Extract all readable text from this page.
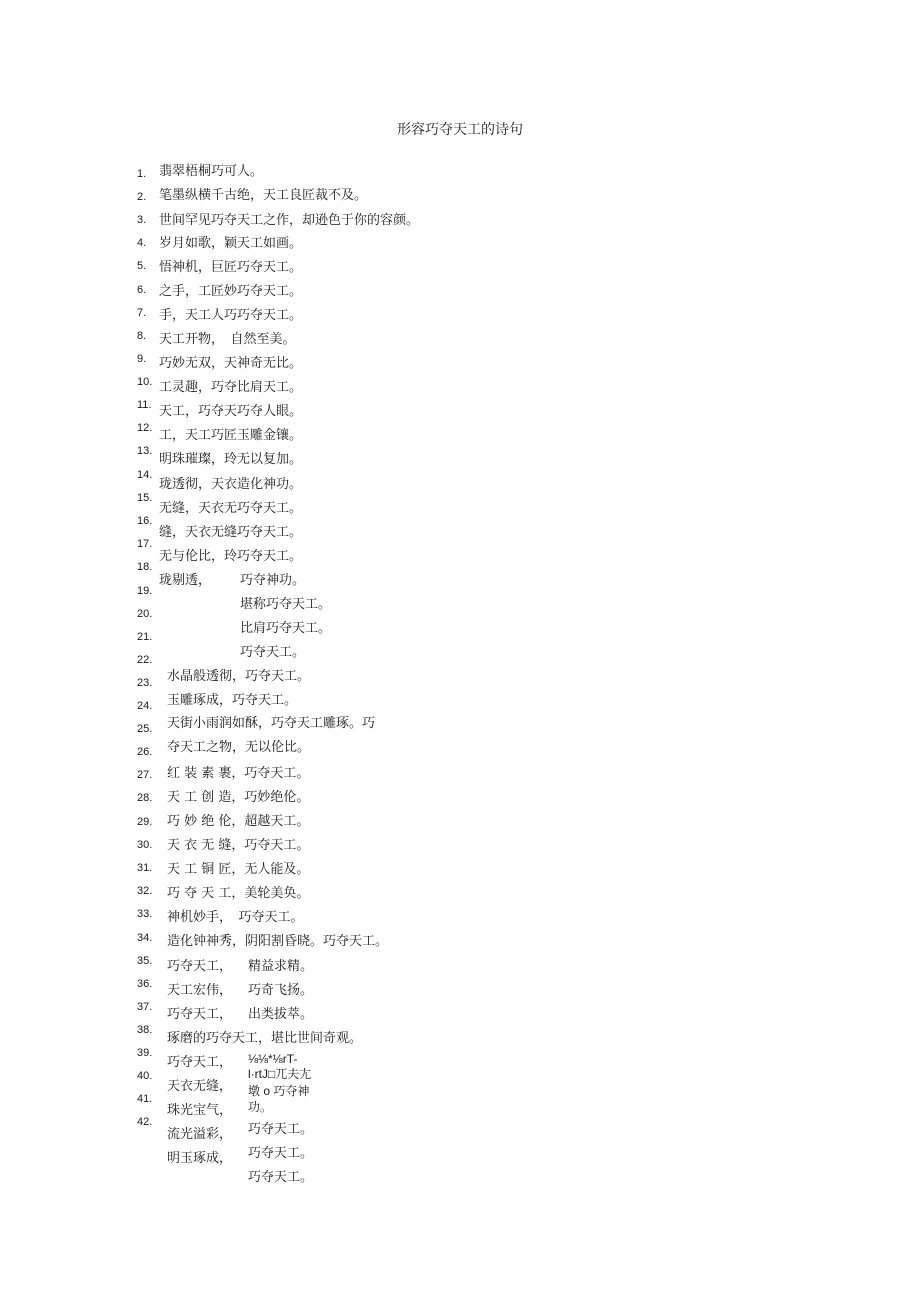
形容巧夺天工的诗句
1.
2.
3.
4.
5.
6.
7.
8.
9.
10.
11.
12.
13.
14.
15.
16.
17.
18.
19.
20.
21.
22.
23.
24.
25.
26.
27.
28.
29.
30.
31.
32.
33.
34.
35.
36.
37.
38.
39.
40.
41.
42.
翡翠梧桐巧可人。
笔墨纵横千古绝，天工良匠裁不及。
世间罕见巧夺天工之作，却逊色于你的容颜。
岁月如歌，颖天工如画。
悟神机，巨匠巧夺天工。
之手，工匠妙巧夺天工。
手，天工人巧巧夺天工。
天工开物，　自然至美。
巧妙无双，天神奇无比。
工灵趣，巧夺比肩天工。
天工，巧夺天巧夺人眼。
工，天工巧匠玉雕金镶。
明珠璀璨，玲无以复加。
珑透彻，天衣造化神功。
无缝，天衣无巧夺天工。
缝，天衣无缝巧夺天工。
无与伦比，玲巧夺天工。
珑剔透， 巧夺神功。
堪称巧夺天工。
比肩巧夺天工。
巧夺天工。
水晶般透彻，巧夺天工。
玉雕琢成，巧夺天工。
天街小雨润如酥，巧夺天工雕琢。巧
夺天工之物，无以伦比。
红 装 素 裹，巧夺天工。
天 工 创 造，巧妙绝伦。
巧 妙 绝 伦，超越天工。
天 衣 无 缝，巧夺天工。
天 工 铜 匠，无人能及。
巧 夺 天 工，美轮美奂。
神机妙手，　巧夺天工。
造化钟神秀，阴阳割昏晓。巧夺天工。
巧夺天工， 精益求精。
天工宏伟， 巧奇飞扬。
巧夺天工， 出类拔萃。
琢磨的巧夺天工，堪比世间奇观。
巧夺天工，
天衣无缝，
珠光宝气，
流光溢彩，
明玉琢成，
⅛⅛*⅛rT-
l·rtJ□兀夫尢
墩 o 巧夺神
功。
巧夺天工。
巧夺天工。
巧夺天工。
